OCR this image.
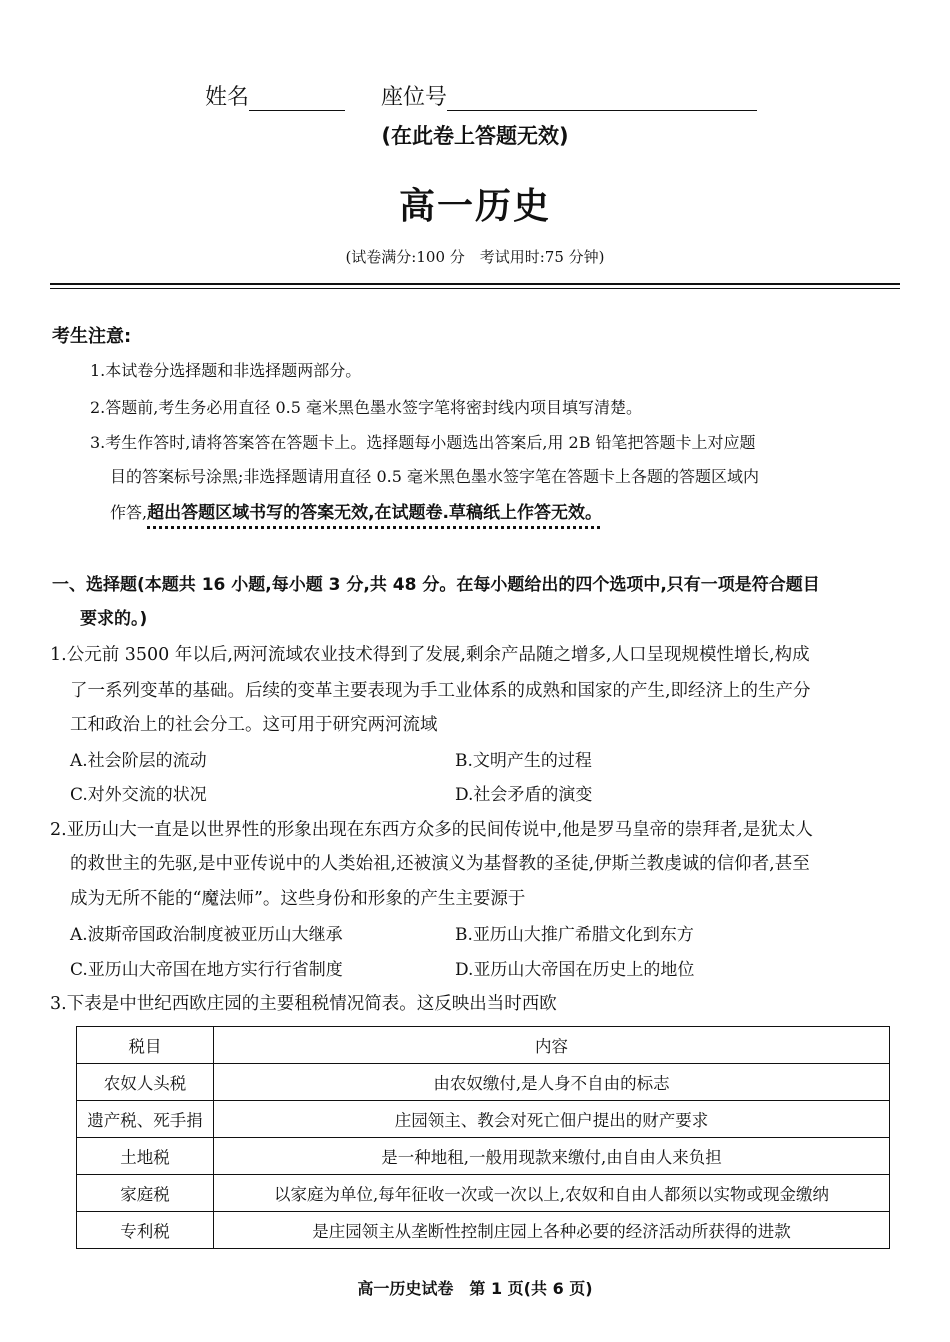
姓名	座位号
(在此卷上答题无效)
高一历史
(试卷满分:100 分　考试用时:75 分钟)
考生注意:
1.本试卷分选择题和非选择题两部分。
2.答题前,考生务必用直径 0.5 毫米黑色墨水签字笔将密封线内项目填写清楚。
3.考生作答时,请将答案答在答题卡上。选择题每小题选出答案后,用 2B 铅笔把答题卡上对应题
目的答案标号涂黑;非选择题请用直径 0.5 毫米黑色墨水签字笔在答题卡上各题的答题区域内
作答,超出答题区域书写的答案无效,在试题卷.草稿纸上作答无效。
一、选择题(本题共 16 小题,每小题 3 分,共 48 分。在每小题给出的四个选项中,只有一项是符合题目
要求的。)
1.公元前 3500 年以后,两河流域农业技术得到了发展,剩余产品随之增多,人口呈现规模性增长,构成
了一系列变革的基础。后续的变革主要表现为手工业体系的成熟和国家的产生,即经济上的生产分
工和政治上的社会分工。这可用于研究两河流域
A.社会阶层的流动	B.文明产生的过程
C.对外交流的状况	D.社会矛盾的演变
2.亚历山大一直是以世界性的形象出现在东西方众多的民间传说中,他是罗马皇帝的崇拜者,是犹太人
的救世主的先驱,是中亚传说中的人类始祖,还被演义为基督教的圣徒,伊斯兰教虔诚的信仰者,甚至
成为无所不能的“魔法师”。这些身份和形象的产生主要源于
A.波斯帝国政治制度被亚历山大继承	B.亚历山大推广希腊文化到东方
C.亚历山大帝国在地方实行行省制度	D.亚历山大帝国在历史上的地位
3.下表是中世纪西欧庄园的主要租税情况简表。这反映出当时西欧
税目	内容
农奴人头税	由农奴缴付,是人身不自由的标志
遗产税、死手捐	庄园领主、教会对死亡佃户提出的财产要求
土地税	是一种地租,一般用现款来缴付,由自由人来负担
家庭税	以家庭为单位,每年征收一次或一次以上,农奴和自由人都须以实物或现金缴纳
专利税	是庄园领主从垄断性控制庄园上各种必要的经济活动所获得的进款
高一历史试卷　第 1 页(共 6 页)
